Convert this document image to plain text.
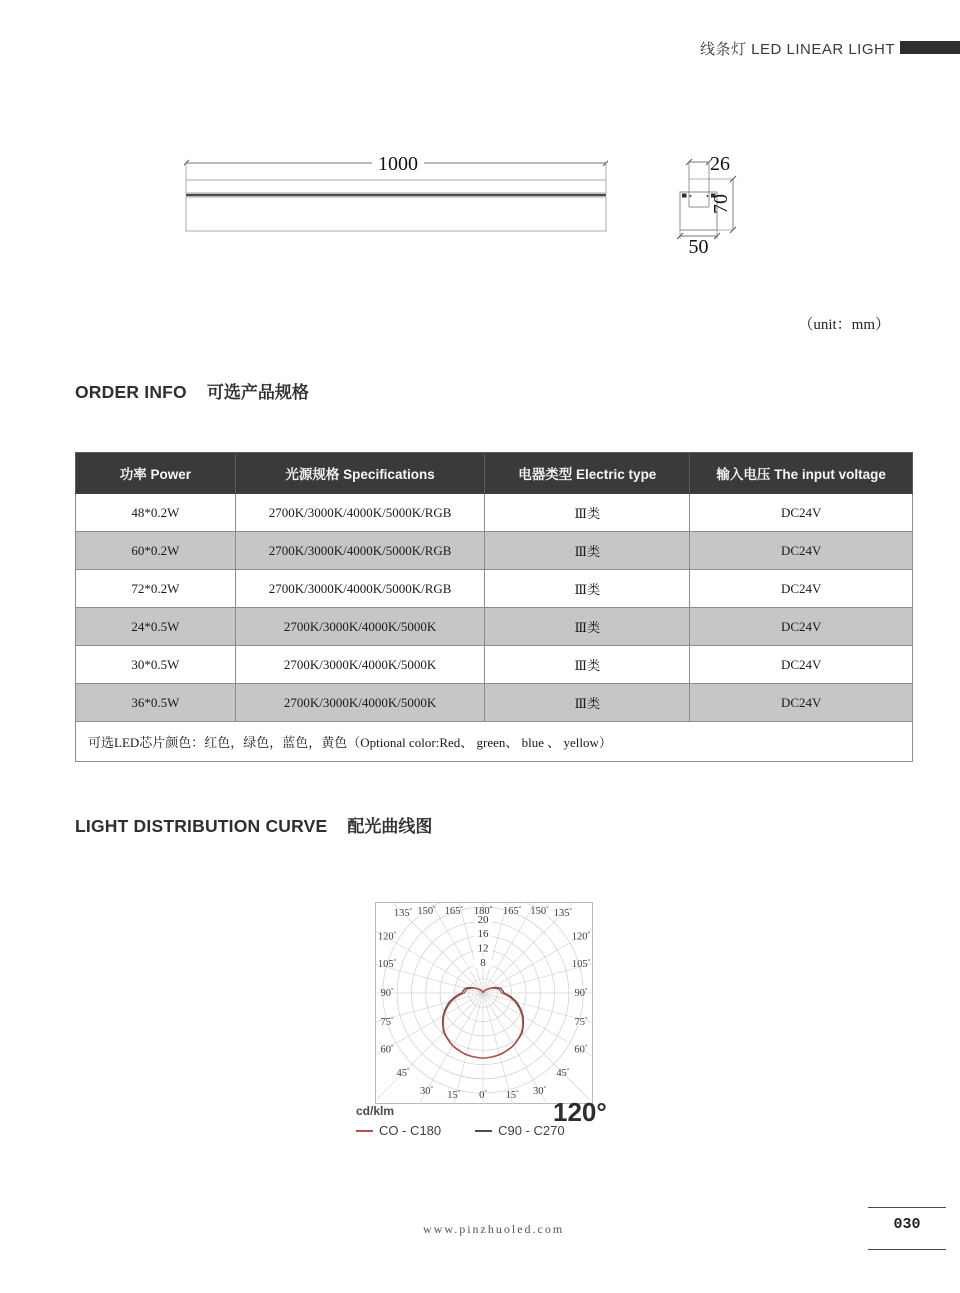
线条灯 LED LINEAR LIGHT
1000	26
70
50
（unit：mm）
ORDER INFO 可选产品规格
功率 Power	光源规格 Specifications	电器类型 Electric type	输入电压 The input voltage
48*0.2W	2700K/3000K/4000K/5000K/RGB	Ⅲ类	DC24V
60*0.2W	2700K/3000K/4000K/5000K/RGB	Ⅲ类	DC24V
72*0.2W	2700K/3000K/4000K/5000K/RGB	Ⅲ类	DC24V
24*0.5W	2700K/3000K/4000K/5000K	Ⅲ类	DC24V
30*0.5W	2700K/3000K/4000K/5000K	Ⅲ类	DC24V
36*0.5W	2700K/3000K/4000K/5000K	Ⅲ类	DC24V
可选LED芯片颜色：红色，绿色，蓝色，黄色（Optional color:Red、 green、 blue 、 yellow）			
LIGHT DISTRIBUTION CURVE 配光曲线图
8
12
16
20
0° 15°
15°	30°
30°
45°
45°
60°
60°
75°
75°
90°
90°
105°
105°
120°
120°
135°
135°	150°
150°	165°
165° 180°
cd/klm
CO - C180	C90 - C270
120°
www.pinzhuoled.com	030
